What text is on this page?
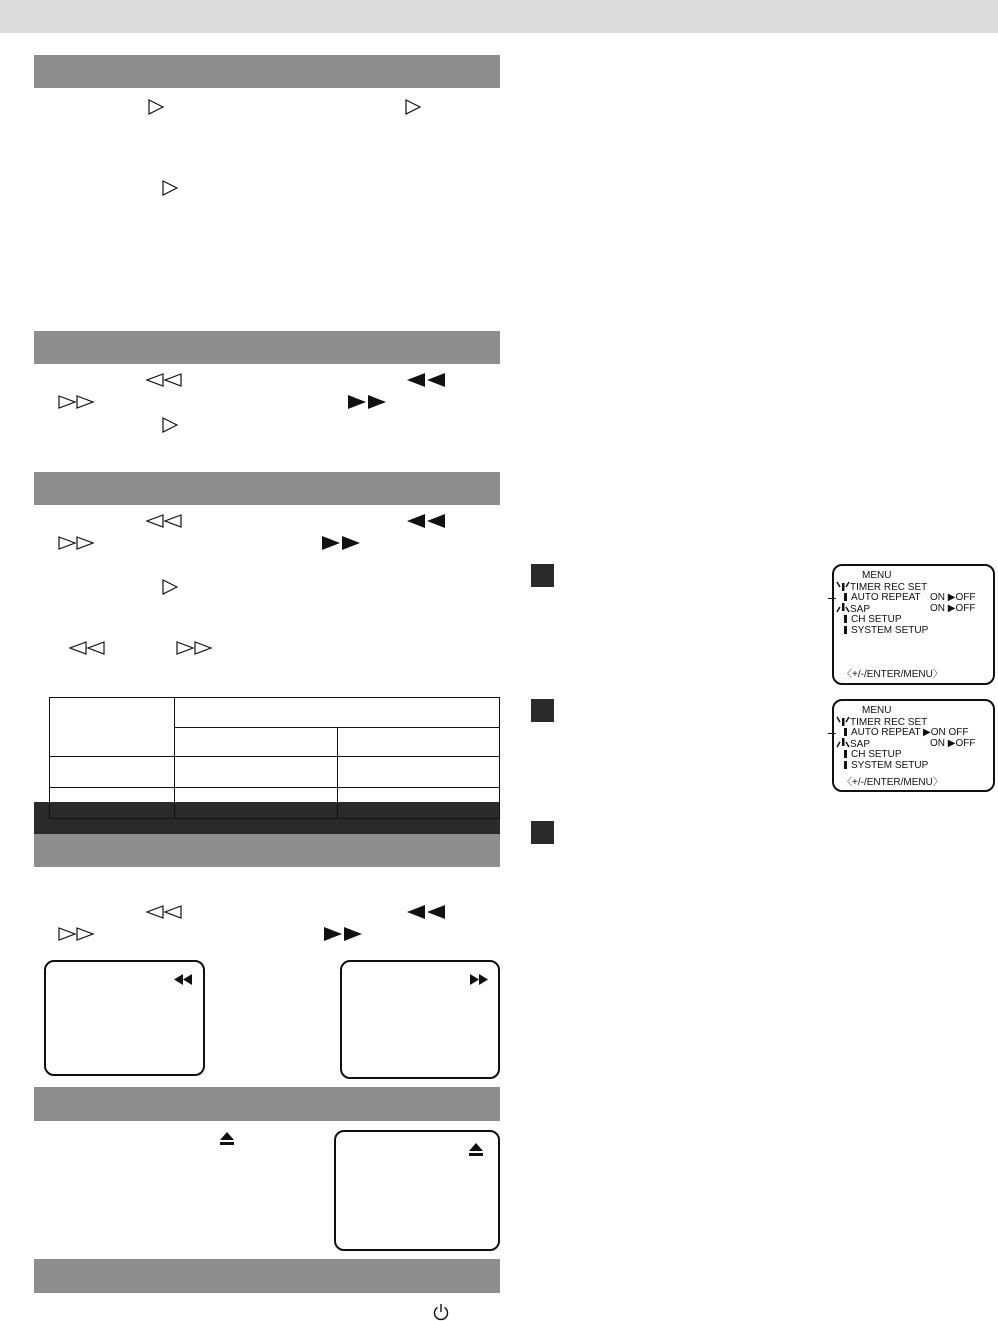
MENU
TIMER REC SET
AUTO REPEAT ON ▶OFF
SAP	ON ▶OFF
CH SETUP
SYSTEM SETUP
〈+/-/ENTER/MENU〉
MENU
TIMER REC SET
AUTO REPEAT ▶ON OFF
SAP	ON ▶OFF
CH SETUP
SYSTEM SETUP
〈+/-/ENTER/MENU〉
